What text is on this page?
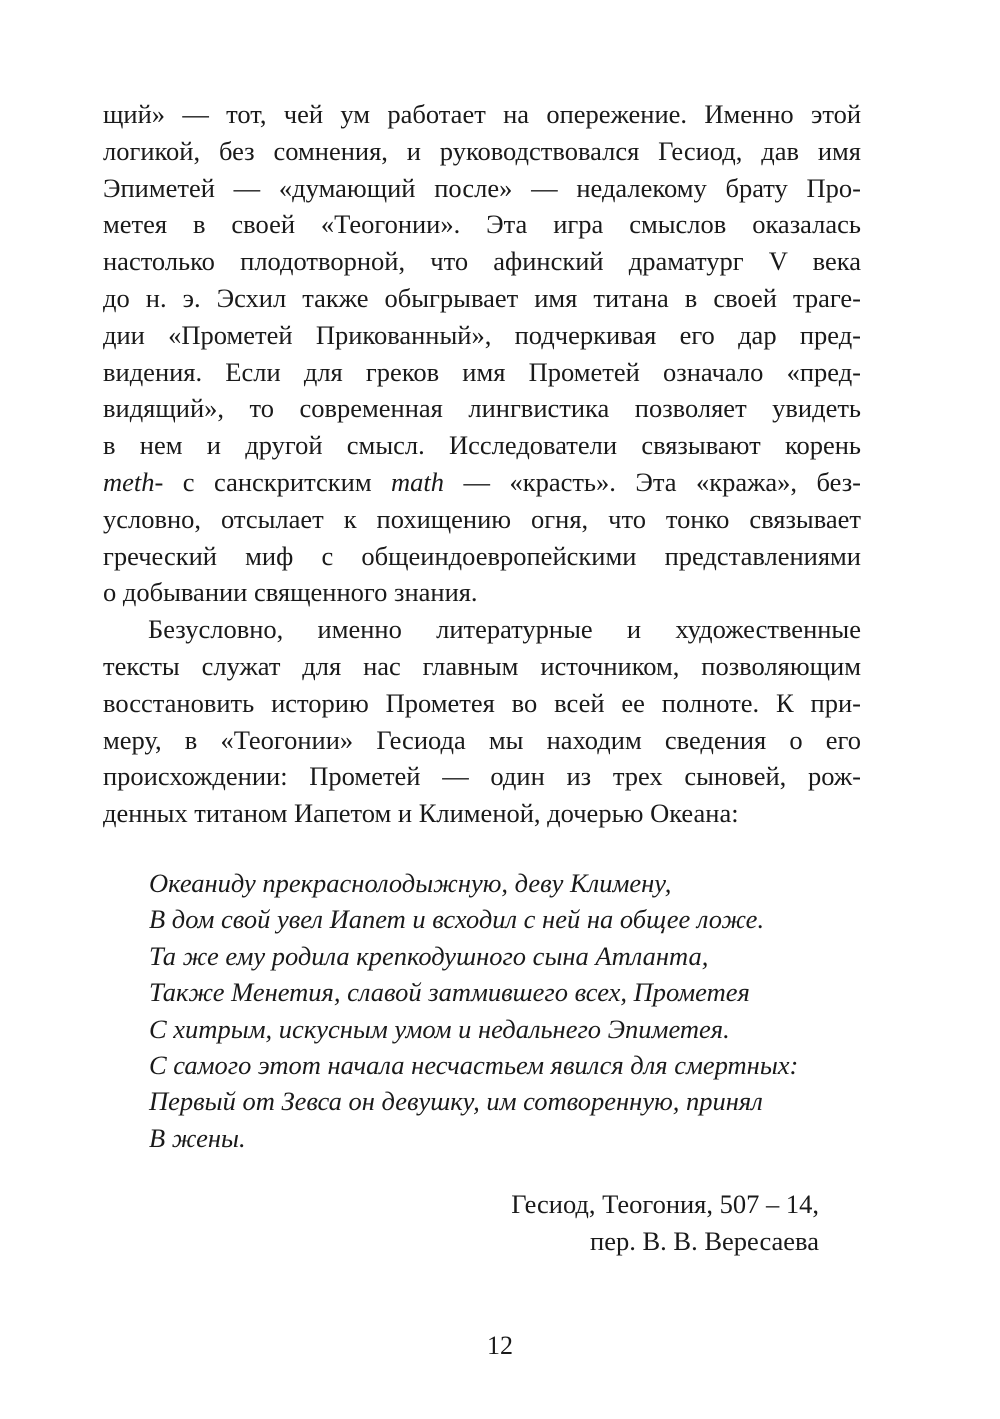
щий» — тот, чей ум работает на опережение. Именно этой
логикой, без сомнения, и руководствовался Гесиод, дав имя
Эпиметей — «думающий после» — недалекому брату Про-
метея в своей «Теогонии». Эта игра смыслов оказалась
настолько плодотворной, что афинский драматург V века
до н. э. Эсхил также обыгрывает имя титана в своей траге-
дии «Прометей Прикованный», подчеркивая его дар пред-
видения. Если для греков имя Прометей означало «пред-
видящий», то современная лингвистика позволяет увидеть
в нем и другой смысл. Исследователи связывают корень
meth- с санскритским math — «красть». Эта «кража», без-
условно, отсылает к похищению огня, что тонко связывает
греческий миф с общеиндоевропейскими представлениями
о добывании священного знания.

Безусловно, именно литературные и художественные
тексты служат для нас главным источником, позволяющим
восстановить историю Прометея во всей ее полноте. К при-
меру, в «Теогонии» Гесиода мы находим сведения о его
происхождении: Прометей — один из трех сыновей, рож-
денных титаном Иапетом и Клименой, дочерью Океана:

Океаниду прекраснолодыжную, деву Климену,
В дом свой увел Иапет и всходил с ней на общее ложе.
Та же ему родила крепкодушного сына Атланта,
Также Менетия, славой затмившего всех, Прометея
С хитрым, искусным умом и недальнего Эпиметея.
С самого этот начала несчастьем явился для смертных:
Первый от Зевса он девушку, им сотворенную, принял
В жены.
Гесиод, Теогония, 507 – 14,
пер. В. В. Вересаева
12
